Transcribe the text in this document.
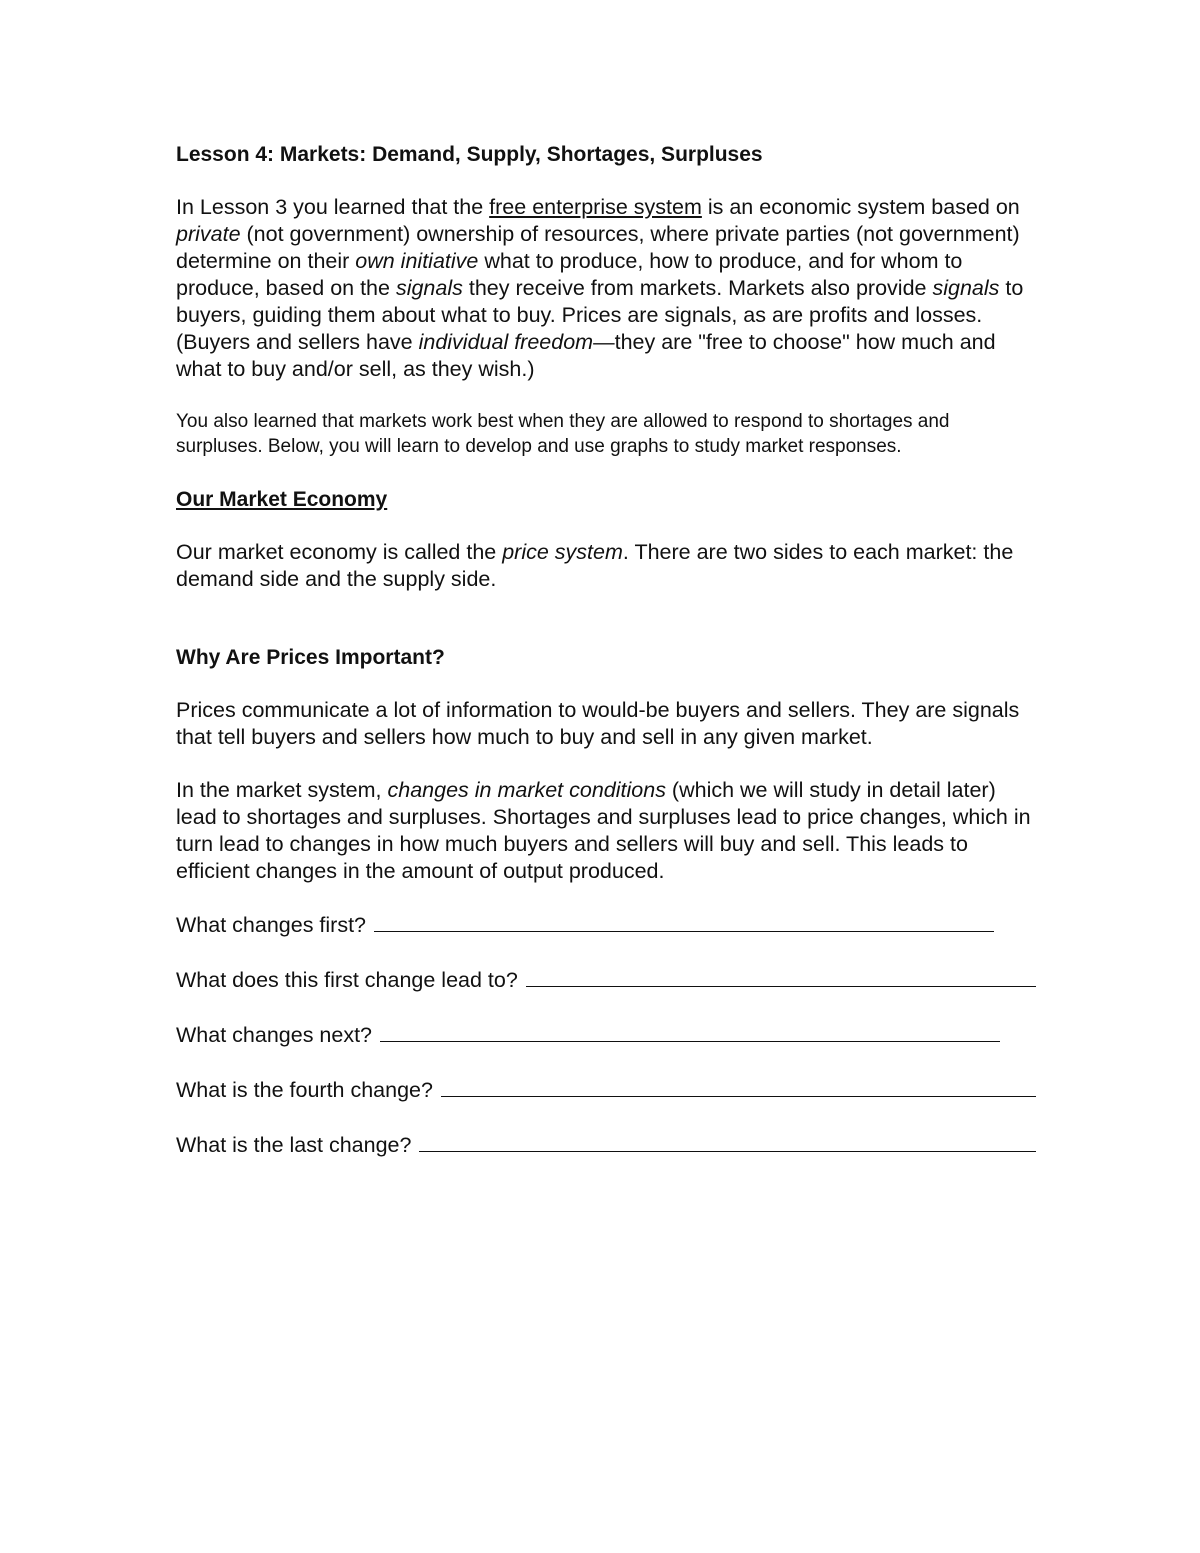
Lesson 4: Markets: Demand, Supply, Shortages, Surpluses

In Lesson 3 you learned that the free enterprise system is an economic system based on private (not government) ownership of resources, where private parties (not government) determine on their own initiative what to produce, how to produce, and for whom to produce, based on the signals they receive from markets. Markets also provide signals to buyers, guiding them about what to buy. Prices are signals, as are profits and losses. (Buyers and sellers have individual freedom—they are "free to choose" how much and what to buy and/or sell, as they wish.)

You also learned that markets work best when they are allowed to respond to shortages and surpluses. Below, you will learn to develop and use graphs to study market responses.

Our Market Economy

Our market economy is called the price system. There are two sides to each market: the demand side and the supply side.

Why Are Prices Important?

Prices communicate a lot of information to would-be buyers and sellers. They are signals that tell buyers and sellers how much to buy and sell in any given market.

In the market system, changes in market conditions (which we will study in detail later) lead to shortages and surpluses. Shortages and surpluses lead to price changes, which in turn lead to changes in how much buyers and sellers will buy and sell. This leads to efficient changes in the amount of output produced.

What changes first?
What does this first change lead to?
What changes next?
What is the fourth change?
What is the last change?
